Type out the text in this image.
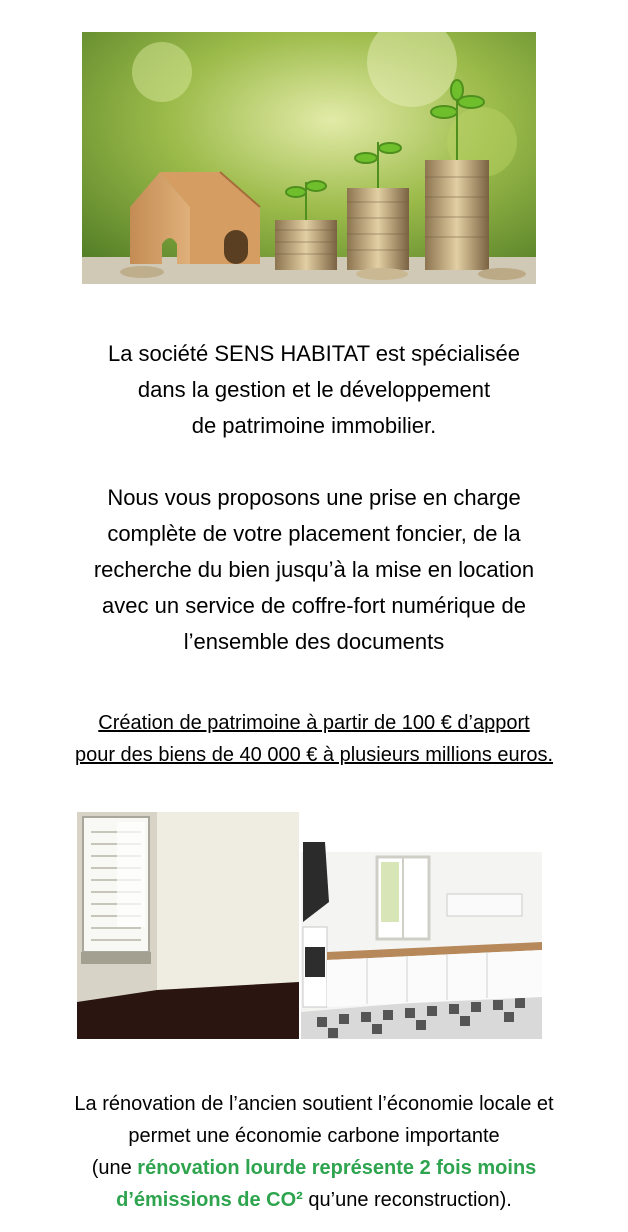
La société SENS HABITAT est spécialisée
dans la gestion et le développement
de patrimoine immobilier.
Nous vous proposons une prise en charge
complète de votre placement foncier, de la
recherche du bien jusqu’à la mise en location
avec un service de coffre-fort numérique de
l’ensemble des documents
Création de patrimoine à partir de 100 € d’apport
pour des biens de 40 000 € à plusieurs millions euros.
La rénovation de l’ancien soutient l’économie locale et
permet une économie carbone importante
(une rénovation lourde représente 2 fois moins
d’émissions de CO² qu’une reconstruction).
